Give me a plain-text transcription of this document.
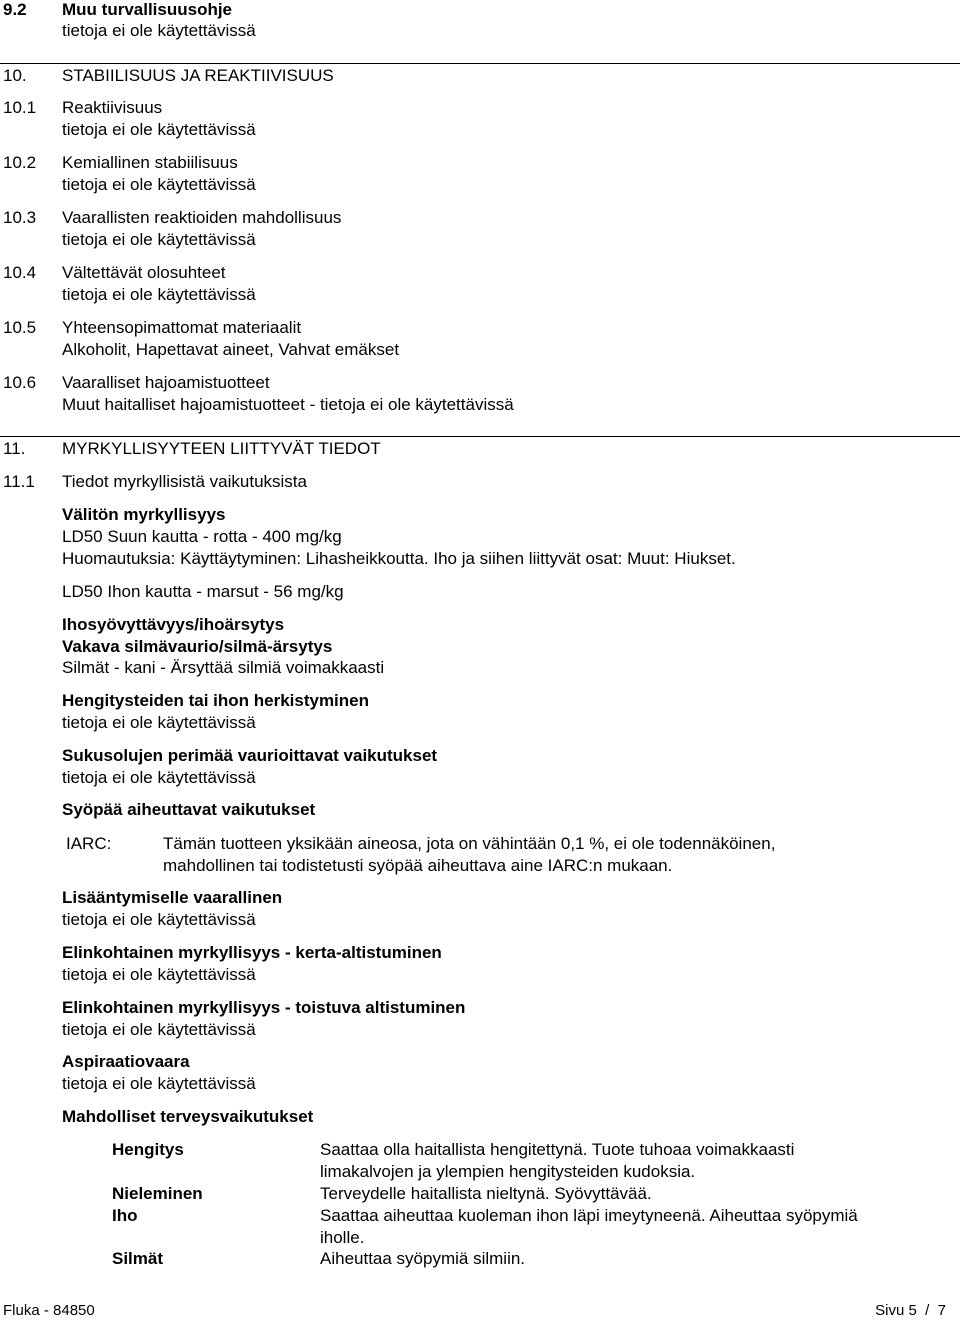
9.2 Muu turvallisuusohje
tietoja ei ole käytettävissä
10. STABIILISUUS JA REAKTIIVISUUS
10.1 Reaktiivisuus
tietoja ei ole käytettävissä
10.2 Kemiallinen stabiilisuus
tietoja ei ole käytettävissä
10.3 Vaarallisten reaktioiden mahdollisuus
tietoja ei ole käytettävissä
10.4 Vältettävät olosuhteet
tietoja ei ole käytettävissä
10.5 Yhteensopimattomat materiaalit
Alkoholit, Hapettavat aineet, Vahvat emäkset
10.6 Vaaralliset hajoamistuotteet
Muut haitalliset hajoamistuotteet - tietoja ei ole käytettävissä
11. MYRKYLLISYYTEEN LIITTYVÄT TIEDOT
11.1 Tiedot myrkyllisistä vaikutuksista
Välitön myrkyllisyys
LD50 Suun kautta - rotta - 400 mg/kg
Huomautuksia: Käyttäytyminen: Lihasheikkoutta. Iho ja siihen liittyvät osat: Muut: Hiukset.
LD50 Ihon kautta - marsut - 56 mg/kg
Ihosyövyttävyys/ihoärsytys
Vakava silmävaurio/silmä-ärsytys
Silmät - kani - Ärsyttää silmiä voimakkaasti
Hengitysteiden tai ihon herkistyminen
tietoja ei ole käytettävissä
Sukusolujen perimää vaurioittavat vaikutukset
tietoja ei ole käytettävissä
Syöpää aiheuttavat vaikutukset
IARC:	Tämän tuotteen yksikään aineosa, jota on vähintään 0,1 %, ei ole todennäköinen,
mahdollinen tai todistetusti syöpää aiheuttava aine IARC:n mukaan.
Lisääntymiselle vaarallinen
tietoja ei ole käytettävissä
Elinkohtainen myrkyllisyys - kerta-altistuminen
tietoja ei ole käytettävissä
Elinkohtainen myrkyllisyys - toistuva altistuminen
tietoja ei ole käytettävissä
Aspiraatiovaara
tietoja ei ole käytettävissä
Mahdolliset terveysvaikutukset
Hengitys	Saattaa olla haitallista hengitettynä. Tuote tuhoaa voimakkaasti
limakalvojen ja ylempien hengitysteiden kudoksia.
Nieleminen	Terveydelle haitallista nieltynä. Syövyttävää.
Iho	Saattaa aiheuttaa kuoleman ihon läpi imeytyneenä. Aiheuttaa syöpymiä
iholle.
Silmät	Aiheuttaa syöpymiä silmiin.
Fluka - 84850	Sivu 5  /  7
